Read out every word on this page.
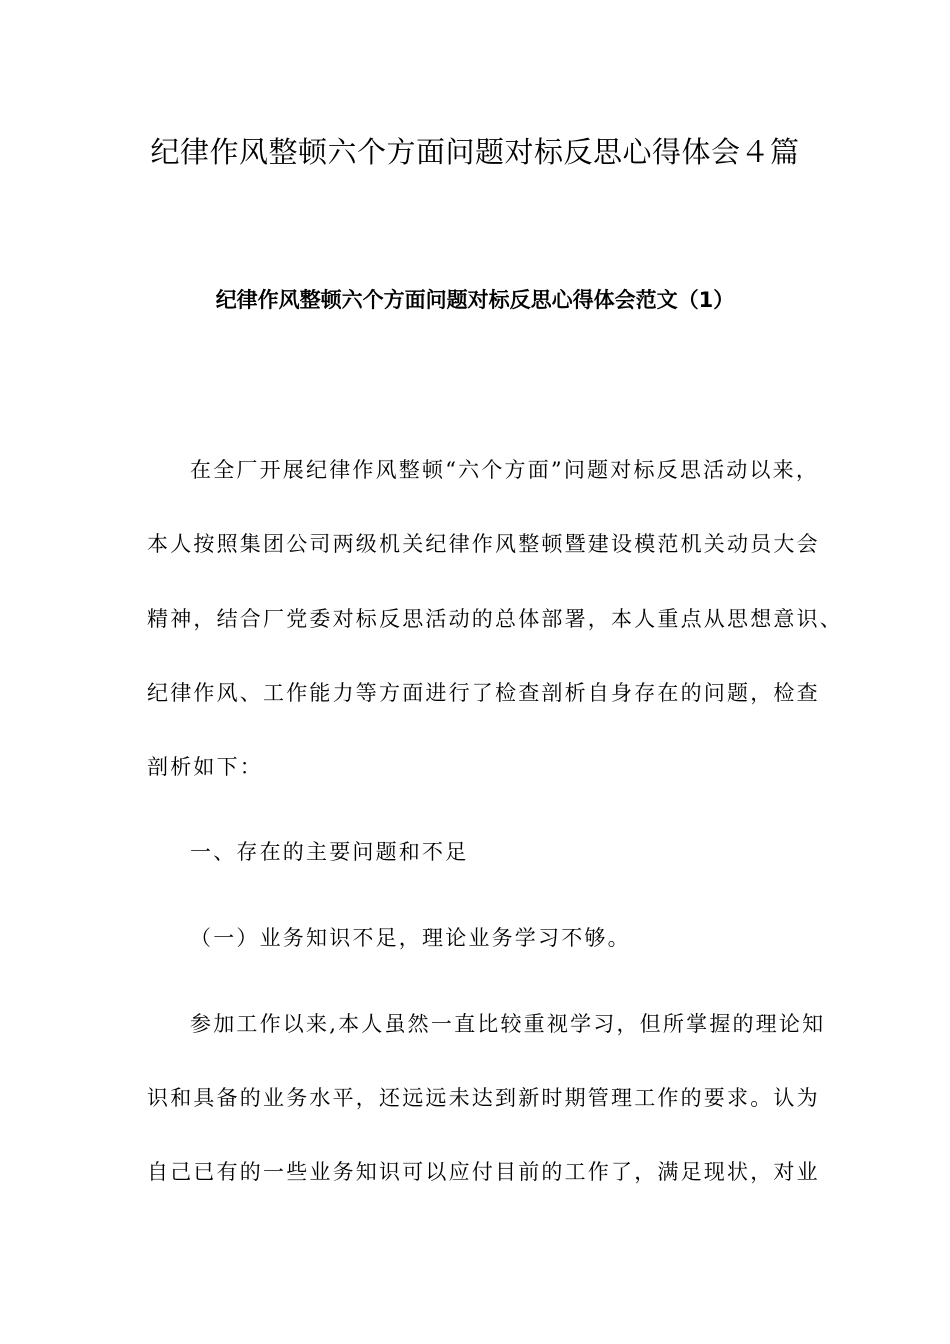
纪律作风整顿六个方面问题对标反思心得体会４篇
纪律作风整顿六个方面问题对标反思心得体会范文（1）
在全厂开展纪律作风整顿“六个方面”问题对标反思活动以来，
本人按照集团公司两级机关纪律作风整顿暨建设模范机关动员大会
精神，结合厂党委对标反思活动的总体部署，本人重点从思想意识、
纪律作风、工作能力等方面进行了检查剖析自身存在的问题，检查
剖析如下：
一、存在的主要问题和不足
（一）业务知识不足，理论业务学习不够。
参加工作以来,本人虽然一直比较重视学习，但所掌握的理论知
识和具备的业务水平，还远远未达到新时期管理工作的要求。认为
自己已有的一些业务知识可以应付目前的工作了，满足现状，对业
